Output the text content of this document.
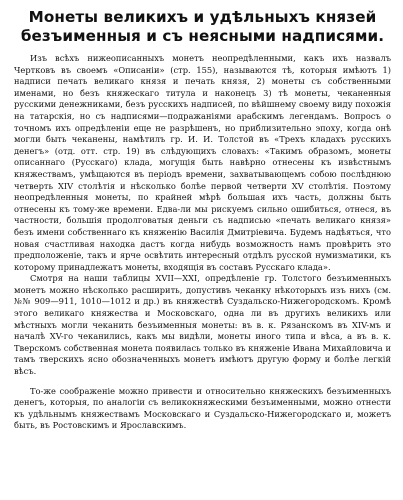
Монеты великихъ и удѣльныхъ князей
безъименныя и съ неясными надписями.

Изъ всѣхъ нижеописанныхъ монетъ неопредѣленными, какъ ихъ назвалъ Чертковъ въ своемъ «Описаніи» (стр. 155), называются тѣ, которыя имѣютъ 1) надписи печать великаго князя и печать князя, 2) монеты съ собственными именами, но безъ княжескаго титула и наконецъ 3) тѣ монеты, чеканенныя русскими денежниками, безъ русскихъ надписей, по вѣйшнему своему виду похожія на татарскія, но съ надписями—подражаніями арабскимъ легендамъ. Вопросъ о точномъ ихъ опредѣленіи еще не разрѣшенъ, но приблизительно эпоху, когда онѣ могли быть чеканены, намѣтилъ гр. И. И. Толстой въ «Трехъ кладахъ русскихъ денегъ» (отд. отт. стр. 19) въ слѣдующихъ словахъ: «Такимъ образомъ, монеты описаннаго (Русскаго) клада, могущія быть навѣрно отнесены къ извѣстнымъ княжествамъ, умѣщаются въ періодъ времени, захватывающемъ собою послѣднюю четверть XIV столѣтія и нѣсколько болѣе первой четверти XV столѣтія. Поэтому неопредѣленныя монеты, по крайней мѣрѣ большая ихъ часть, должны быть отнесены къ тому-же времени. Едва-ли мы рискуемъ сильно ошибиться, отнеся, въ частности, большія продолговатыя деньги съ надписью «печать великаго князя» безъ имени собственнаго къ княженію Василія Дмитріевича. Будемъ надѣяться, что новая счастливая находка дастъ когда нибудь возможность намъ провѣрить это предположеніе, такъ и ярче освѣтить интересный отдѣлъ русской нумизматики, къ которому принадлежатъ монеты, входящія въ составъ Русскаго клада».

Смотря на наши таблицы XVII—XXI, опредѣленіе гр. Толстого безъименныхъ монетъ можно нѣсколько расширить, допустивъ чеканку нѣкоторыхъ изъ нихъ (см. №№ 909—911, 1010—1012 и др.) въ княжествѣ Суздальско-Нижегородскомъ. Кромѣ этого великаго княжества и Московскаго, одна ли въ другихъ великихъ или мѣстныхъ могли чеканить безъименныя монеты: въ в. к. Рязанскомъ въ XIV-мъ и началѣ XV-го чеканились, какъ мы видѣли, монеты иного типа и вѣса, а въ в. к. Тверскомъ собственная монета появилась только въ княженіе Ивана Михайловича и тамъ тверскихъ ясно обозначенныхъ монетъ имѣютъ другую форму и болѣе легкій вѣсъ.

То-же соображеніе можно привести и относительно княжескихъ безъименныхъ денегъ, которыя, по аналогіи съ великокняжескими безъименными, можно отнести къ удѣльнымъ княжествамъ Московскаго и Суздальско-Нижегородскаго и, можетъ быть, въ Ростовскимъ и Ярославскимъ.
